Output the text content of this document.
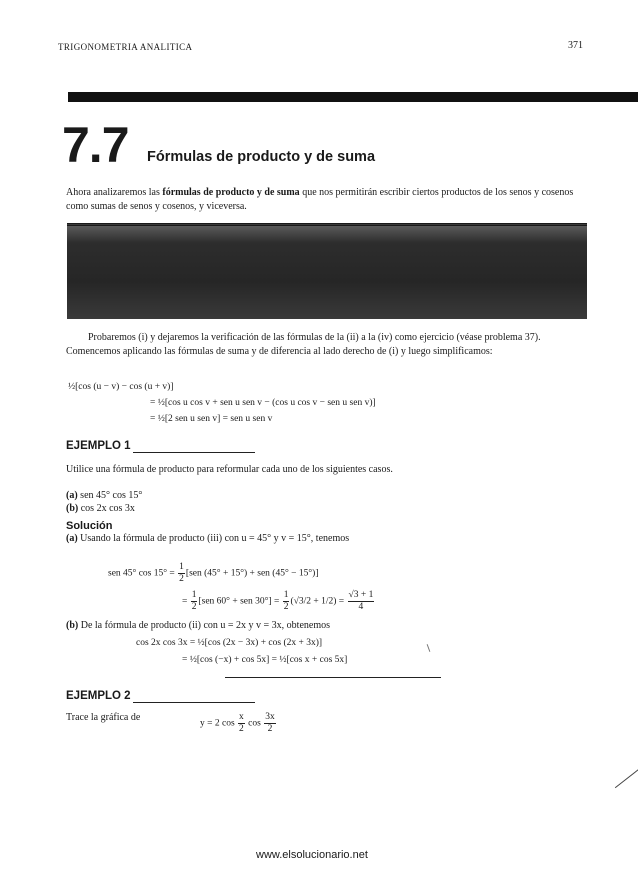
TRIGONOMETRIA ANALITICA	371
7.7 Fórmulas de producto y de suma
Ahora analizaremos las fórmulas de producto y de suma que nos permitirán escribir ciertos productos de los senos y cosenos como sumas de senos y cosenos, y viceversa.
Probaremos (i) y dejaremos la verificación de las fórmulas de la (ii) a la (iv) como ejercicio (véase problema 37). Comencemos aplicando las fórmulas de suma y de diferencia al lado derecho de (i) y luego simplificamos:
½[cos (u − v) − cos (u + v)]
= ½[cos u cos v + sen u sen v − (cos u cos v − sen u sen v)]
= ½[2 sen u sen v] = sen u sen v
EJEMPLO 1
Utilice una fórmula de producto para reformular cada uno de los siguientes casos.
(a) sen 45° cos 15°
(b) cos 2x cos 3x
Solución
(a) Usando la fórmula de producto (iii) con u = 45° y v = 15°, tenemos
sen 45° $\cos 15^\circ = \frac{1}{2} [sen$ (45° + 15°) + sen (45° − 15°)]
= $\frac{1}{2} [sen$ 60° + sen $30^\circ] = \frac{1}{2} (√3/2 + 1/2) = \frac{√3 + 1}{4}$
(b) De la fórmula de producto (ii) con u = 2x y v = 3x, obtenemos
cos 2x cos 3x = ½[cos (2x − 3x) + cos (2x + 3x)]
= ½[cos (−x) + cos 5x] = ½[cos x + cos 5x]
EJEMPLO 2
Trace la gráfica de
y = 2 $\cos \frac{x}{2}$ $\cos \frac{3x}{2}$
www.elsolucionario.net
